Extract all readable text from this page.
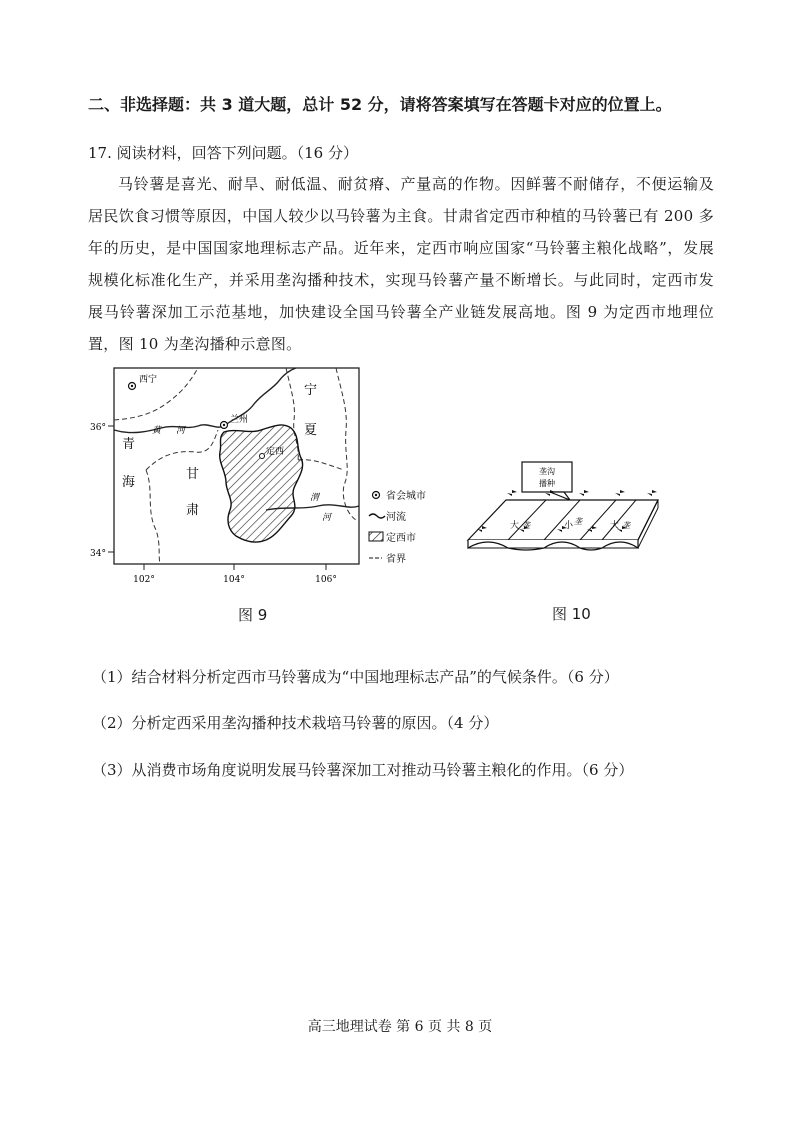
二、非选择题：共 3 道大题，总计 52 分，请将答案填写在答题卡对应的位置上。
17. 阅读材料，回答下列问题。（16 分）
马铃薯是喜光、耐旱、耐低温、耐贫瘠、产量高的作物。因鲜薯不耐储存，不便运输及居民饮食习惯等原因，中国人较少以马铃薯为主食。甘肃省定西市种植的马铃薯已有 200 多年的历史，是中国国家地理标志产品。近年来，定西市响应国家“马铃薯主粮化战略”，发展规模化标准化生产，并采用垄沟播种技术，实现马铃薯产量不断增长。与此同时，定西市发展马铃薯深加工示范基地，加快建设全国马铃薯全产业链发展高地。图 9 为定西市地理位置，图 10 为垄沟播种示意图。
36°
34°
102°	104°	106°
西宁
兰州
定西
宁
夏
青
海
甘
肃
黄 河
渭
河
省会城市
河流
定西市
省界
图 9
垄沟
播种
大 垄	小 垄	大 垄
图 10
（1）结合材料分析定西市马铃薯成为“中国地理标志产品”的气候条件。（6 分）
（2）分析定西采用垄沟播种技术栽培马铃薯的原因。（4 分）
（3）从消费市场角度说明发展马铃薯深加工对推动马铃薯主粮化的作用。（6 分）
高三地理试卷 第 6 页 共 8 页
